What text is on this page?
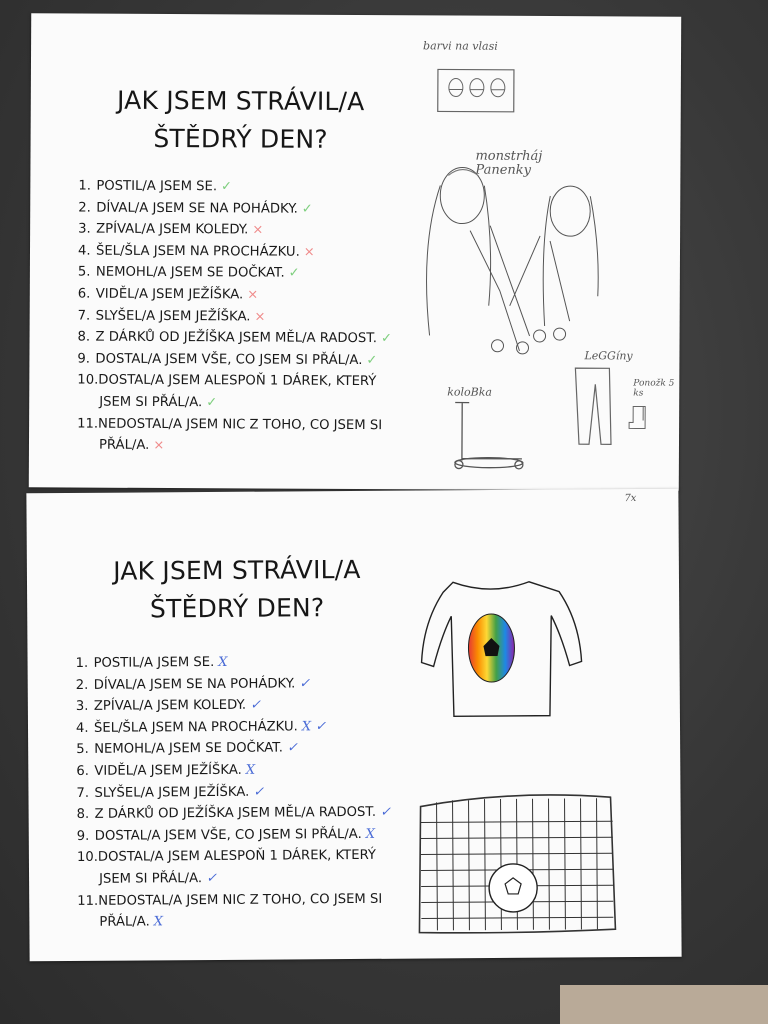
JAK JSEM STRÁVIL/A
ŠTĚDRÝ DEN?
1. POSTIL/A JSEM SE. ✓
2. DÍVAL/A JSEM SE NA POHÁDKY. ✓
3. ZPÍVAL/A JSEM KOLEDY. ×
4. ŠEL/ŠLA JSEM NA PROCHÁZKU. ×
5. NEMOHL/A JSEM SE DOČKAT. ✓
6. VIDĚL/A JSEM JEŽÍŠKA. ×
7. SLYŠEL/A JSEM JEŽÍŠKA. ×
8. Z DÁRKŮ OD JEŽÍŠKA JSEM MĚL/A RADOST. ✓
9. DOSTAL/A JSEM VŠE, CO JSEM SI PŘÁL/A. ✓
10.DOSTAL/A JSEM ALESPOŇ 1 DÁREK, KTERÝ
JSEM SI PŘÁL/A. ✓
11.NEDOSTAL/A JSEM NIC Z TOHO, CO JSEM SI
PŘÁL/A. ×
barvi na vlasi
monstrháj Panenky
LeGGíny
Ponožk 5 ks
koloBka
7x
JAK JSEM STRÁVIL/A
ŠTĚDRÝ DEN?
1. POSTIL/A JSEM SE. X
2. DÍVAL/A JSEM SE NA POHÁDKY. ✓
3. ZPÍVAL/A JSEM KOLEDY. ✓
4. ŠEL/ŠLA JSEM NA PROCHÁZKU. X ✓
5. NEMOHL/A JSEM SE DOČKAT. ✓
6. VIDĚL/A JSEM JEŽÍŠKA. X
7. SLYŠEL/A JSEM JEŽÍŠKA. ✓
8. Z DÁRKŮ OD JEŽÍŠKA JSEM MĚL/A RADOST. ✓
9. DOSTAL/A JSEM VŠE, CO JSEM SI PŘÁL/A. X
10.DOSTAL/A JSEM ALESPOŇ 1 DÁREK, KTERÝ
JSEM SI PŘÁL/A. ✓
11.NEDOSTAL/A JSEM NIC Z TOHO, CO JSEM SI
PŘÁL/A. X
